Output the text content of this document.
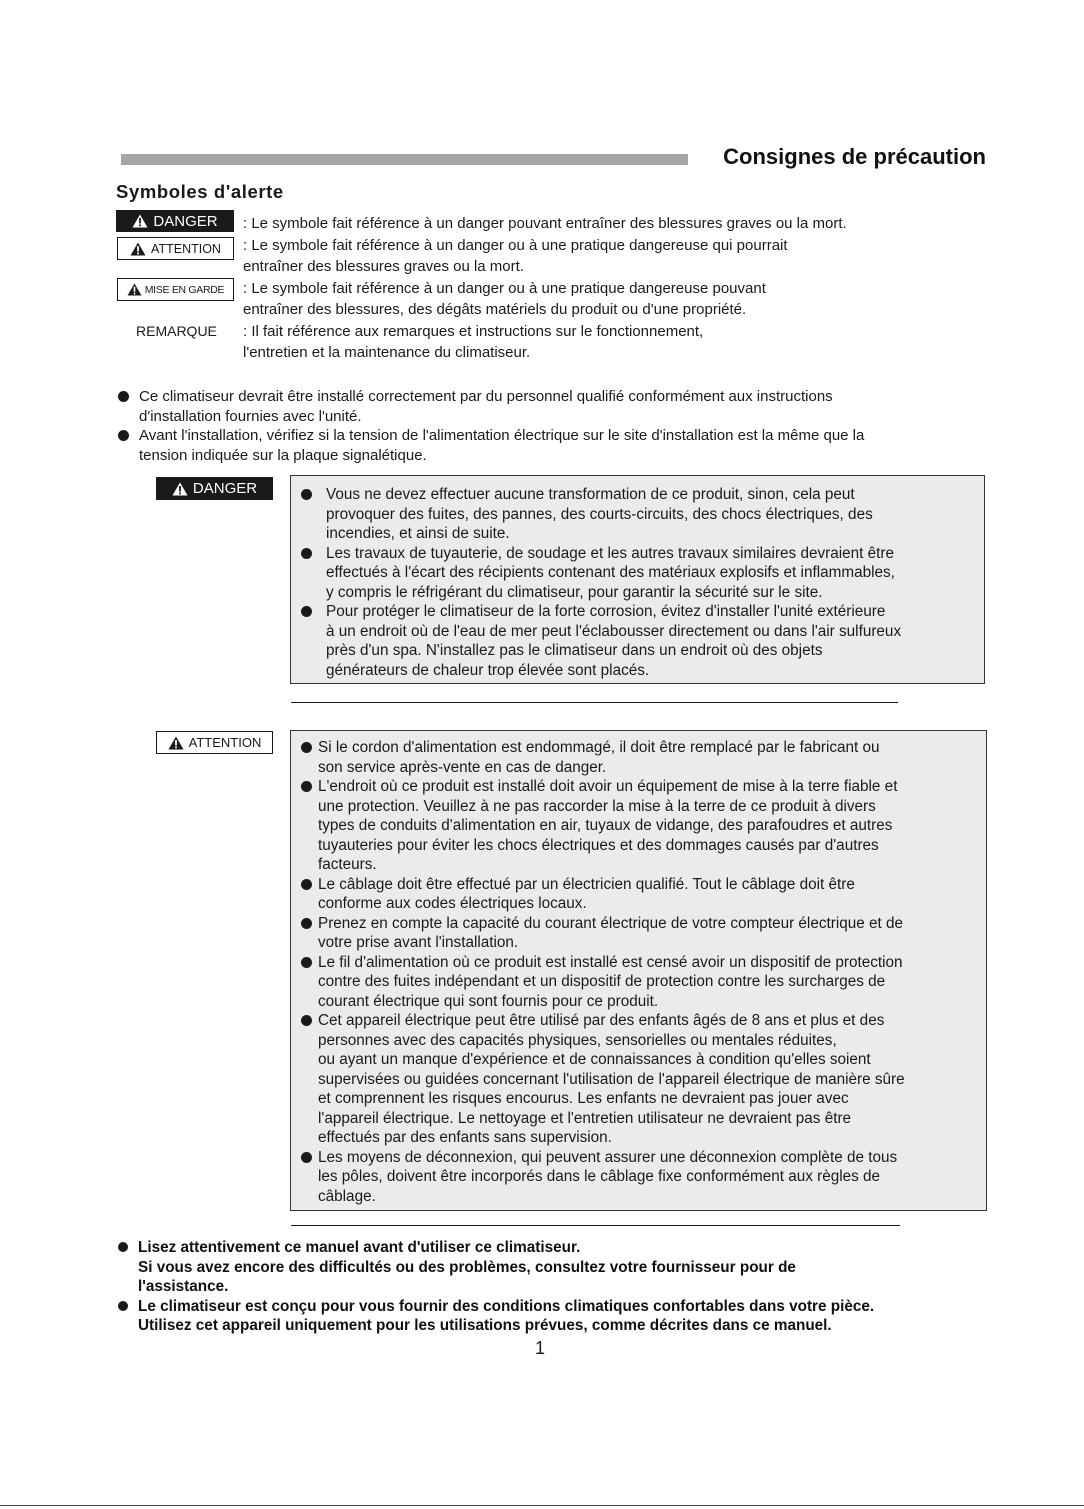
Consignes de précaution
Symboles d'alerte
DANGER
ATTENTION
MISE EN GARDE
REMARQUE
: Le symbole fait référence à un danger pouvant entraîner des blessures graves ou la mort.
: Le symbole fait référence à un danger ou à une pratique dangereuse qui pourrait
entraîner des blessures graves ou la mort.
: Le symbole fait référence à un danger ou à une pratique dangereuse pouvant
entraîner des blessures, des dégâts matériels du produit ou d'une propriété.
: Il fait référence aux remarques et instructions sur le fonctionnement,
l'entretien et la maintenance du climatiseur.
Ce climatiseur devrait être installé correctement par du personnel qualifié conformément aux instructions
d'installation fournies avec l'unité.
Avant l'installation, vérifiez si la tension de l'alimentation électrique sur le site d'installation est la même que la
tension indiquée sur la plaque signalétique.
DANGER	Vous ne devez effectuer aucune transformation de ce produit, sinon, cela peut
provoquer des fuites, des pannes, des courts-circuits, des chocs électriques, des
incendies, et ainsi de suite.
Les travaux de tuyauterie, de soudage et les autres travaux similaires devraient être
effectués à l'écart des récipients contenant des matériaux explosifs et inflammables,
y compris le réfrigérant du climatiseur, pour garantir la sécurité sur le site.
Pour protéger le climatiseur de la forte corrosion, évitez d'installer l'unité extérieure
à un endroit où de l'eau de mer peut l'éclabousser directement ou dans l'air sulfureux
près d'un spa. N'installez pas le climatiseur dans un endroit où des objets
générateurs de chaleur trop élevée sont placés.
ATTENTION	Si le cordon d'alimentation est endommagé, il doit être remplacé par le fabricant ou
son service après-vente en cas de danger.
L'endroit où ce produit est installé doit avoir un équipement de mise à la terre fiable et
une protection. Veuillez à ne pas raccorder la mise à la terre de ce produit à divers
types de conduits d'alimentation en air, tuyaux de vidange, des parafoudres et autres
tuyauteries pour éviter les chocs électriques et des dommages causés par d'autres
facteurs.
Le câblage doit être effectué par un électricien qualifié. Tout le câblage doit être
conforme aux codes électriques locaux.
Prenez en compte la capacité du courant électrique de votre compteur électrique et de
votre prise avant l'installation.
Le fil d'alimentation où ce produit est installé est censé avoir un dispositif de protection
contre des fuites indépendant et un dispositif de protection contre les surcharges de
courant électrique qui sont fournis pour ce produit.
Cet appareil électrique peut être utilisé par des enfants âgés de 8 ans et plus et des
personnes avec des capacités physiques, sensorielles ou mentales réduites,
ou ayant un manque d'expérience et de connaissances à condition qu'elles soient
supervisées ou guidées concernant l'utilisation de l'appareil électrique de manière sûre
et comprennent les risques encourus. Les enfants ne devraient pas jouer avec
l'appareil électrique. Le nettoyage et l'entretien utilisateur ne devraient pas être
effectués par des enfants sans supervision.
Les moyens de déconnexion, qui peuvent assurer une déconnexion complète de tous
les pôles, doivent être incorporés dans le câblage fixe conformément aux règles de
câblage.
Lisez attentivement ce manuel avant d'utiliser ce climatiseur.
Si vous avez encore des difficultés ou des problèmes, consultez votre fournisseur pour de
l'assistance.
Le climatiseur est conçu pour vous fournir des conditions climatiques confortables dans votre pièce.
Utilisez cet appareil uniquement pour les utilisations prévues, comme décrites dans ce manuel.
1
